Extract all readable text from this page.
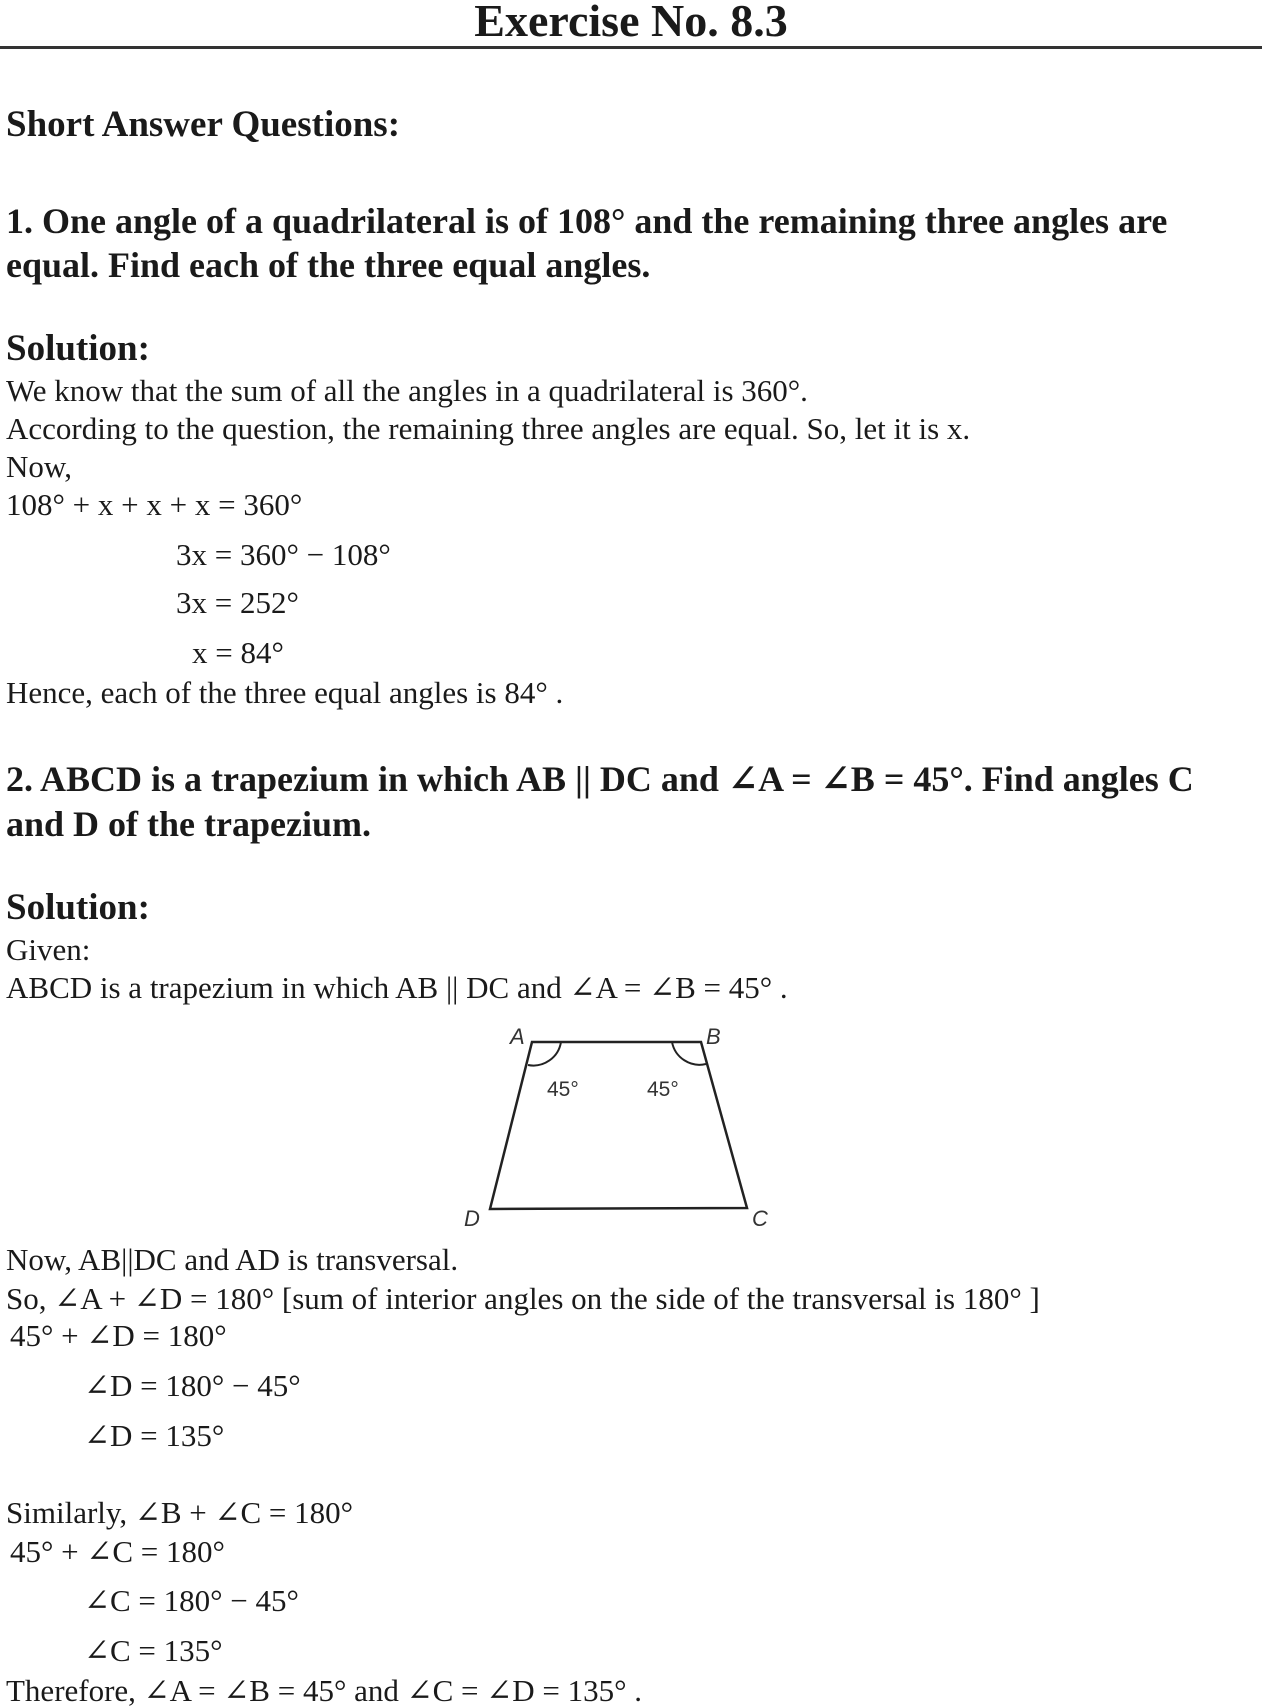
Exercise No. 8.3
Short Answer Questions:
1. One angle of a quadrilateral is of 108° and the remaining three angles are
equal. Find each of the three equal angles.
Solution:
We know that the sum of all the angles in a quadrilateral is 360°.
According to the question, the remaining three angles are equal. So, let it is x.
Now,
108° + x + x + x = 360°
3x = 360° − 108°
3x = 252°
x = 84°
Hence, each of the three equal angles is 84° .
2. ABCD is a trapezium in which AB || DC and ∠A = ∠B = 45°. Find angles C
and D of the trapezium.
Solution:
Given:
ABCD is a trapezium in which AB || DC and ∠A = ∠B = 45° .
A	B
C
D
45°	45°
Now, AB||DC and AD is transversal.
So, ∠A + ∠D = 180° [sum of interior angles on the side of the transversal is 180° ]
45° + ∠D = 180°
∠D = 180° − 45°
∠D = 135°
Similarly, ∠B + ∠C = 180°
45° + ∠C = 180°
∠C = 180° − 45°
∠C = 135°
Therefore, ∠A = ∠B = 45° and ∠C = ∠D = 135° .
